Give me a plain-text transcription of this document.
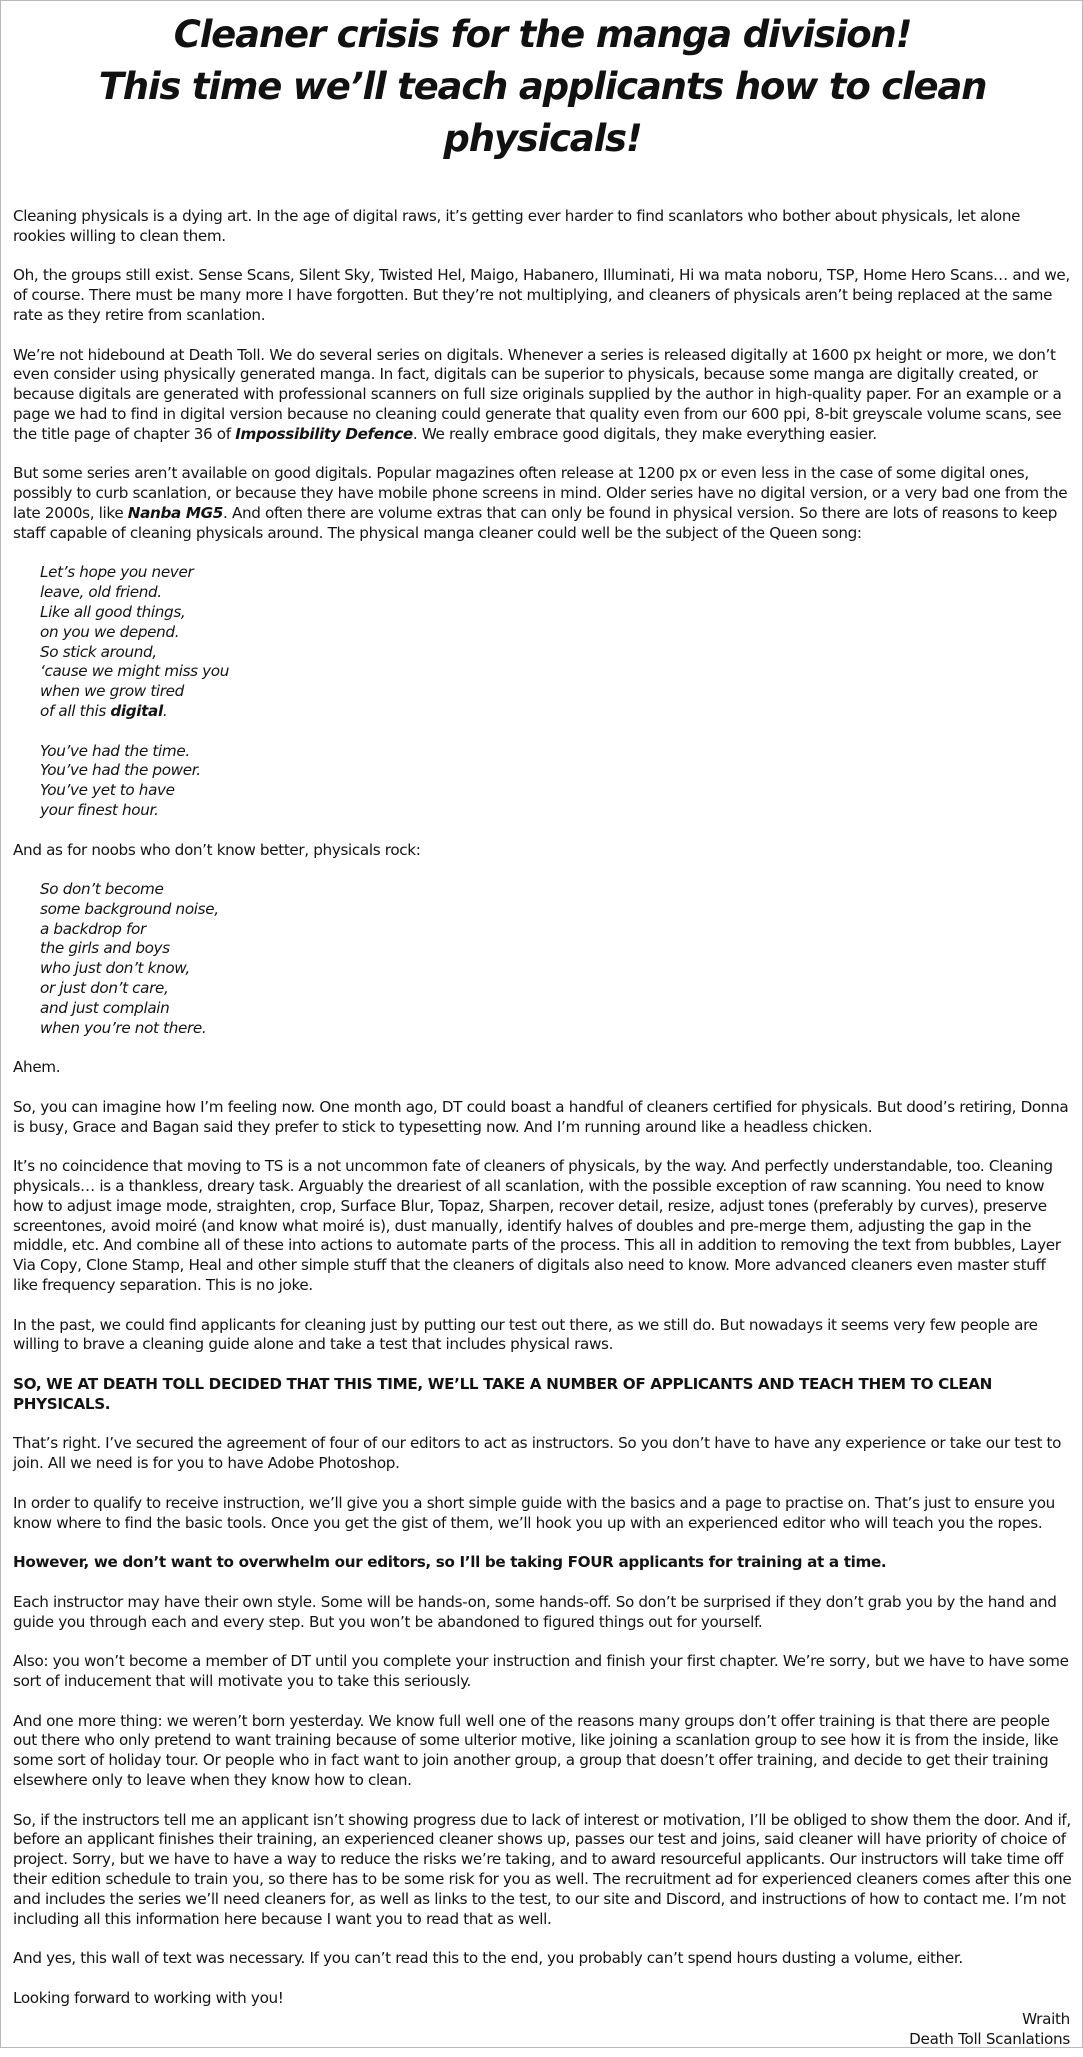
Cleaner crisis for the manga division!
This time we’ll teach applicants how to clean physicals!

Cleaning physicals is a dying art. In the age of digital raws, it’s getting ever harder to find scanlators who bother about physicals, let alone rookies willing to clean them.

Oh, the groups still exist. Sense Scans, Silent Sky, Twisted Hel, Maigo, Habanero, Illuminati, Hi wa mata noboru, TSP, Home Hero Scans… and we, of course. There must be many more I have forgotten. But they’re not multiplying, and cleaners of physicals aren’t being replaced at the same rate as they retire from scanlation.

We’re not hidebound at Death Toll. We do several series on digitals. Whenever a series is released digitally at 1600 px height or more, we don’t even consider using physically generated manga. In fact, digitals can be superior to physicals, because some manga are digitally created, or because digitals are generated with professional scanners on full size originals supplied by the author in high-quality paper. For an example or a page we had to find in digital version because no cleaning could generate that quality even from our 600 ppi, 8-bit greyscale volume scans, see the title page of chapter 36 of Impossibility Defence. We really embrace good digitals, they make everything easier.

But some series aren’t available on good digitals. Popular magazines often release at 1200 px or even less in the case of some digital ones, possibly to curb scanlation, or because they have mobile phone screens in mind. Older series have no digital version, or a very bad one from the late 2000s, like Nanba MG5. And often there are volume extras that can only be found in physical version. So there are lots of reasons to keep staff capable of cleaning physicals around. The physical manga cleaner could well be the subject of the Queen song:

Let’s hope you never
leave, old friend.
Like all good things,
on you we depend.
So stick around,
‘cause we might miss you
when we grow tired
of all this digital.
You’ve had the time.
You’ve had the power.
You’ve yet to have
your finest hour.

And as for noobs who don’t know better, physicals rock:

So don’t become
some background noise,
a backdrop for
the girls and boys
who just don’t know,
or just don’t care,
and just complain
when you’re not there.

Ahem.

So, you can imagine how I’m feeling now. One month ago, DT could boast a handful of cleaners certified for physicals. But dood’s retiring, Donna is busy, Grace and Bagan said they prefer to stick to typesetting now. And I’m running around like a headless chicken.

It’s no coincidence that moving to TS is a not uncommon fate of cleaners of physicals, by the way. And perfectly understandable, too. Cleaning physicals… is a thankless, dreary task. Arguably the dreariest of all scanlation, with the possible exception of raw scanning. You need to know how to adjust image mode, straighten, crop, Surface Blur, Topaz, Sharpen, recover detail, resize, adjust tones (preferably by curves), preserve screentones, avoid moiré (and know what moiré is), dust manually, identify halves of doubles and pre-merge them, adjusting the gap in the middle, etc. And combine all of these into actions to automate parts of the process. This all in addition to removing the text from bubbles, Layer Via Copy, Clone Stamp, Heal and other simple stuff that the cleaners of digitals also need to know. More advanced cleaners even master stuff like frequency separation. This is no joke.

In the past, we could find applicants for cleaning just by putting our test out there, as we still do. But nowadays it seems very few people are willing to brave a cleaning guide alone and take a test that includes physical raws.

SO, WE AT DEATH TOLL DECIDED THAT THIS TIME, WE’LL TAKE A NUMBER OF APPLICANTS AND TEACH THEM TO CLEAN PHYSICALS.

That’s right. I’ve secured the agreement of four of our editors to act as instructors. So you don’t have to have any experience or take our test to join. All we need is for you to have Adobe Photoshop.

In order to qualify to receive instruction, we’ll give you a short simple guide with the basics and a page to practise on. That’s just to ensure you know where to find the basic tools. Once you get the gist of them, we’ll hook you up with an experienced editor who will teach you the ropes.

However, we don’t want to overwhelm our editors, so I’ll be taking FOUR applicants for training at a time.

Each instructor may have their own style. Some will be hands-on, some hands-off. So don’t be surprised if they don’t grab you by the hand and guide you through each and every step. But you won’t be abandoned to figured things out for yourself.

Also: you won’t become a member of DT until you complete your instruction and finish your first chapter. We’re sorry, but we have to have some sort of inducement that will motivate you to take this seriously.

And one more thing: we weren’t born yesterday. We know full well one of the reasons many groups don’t offer training is that there are people out there who only pretend to want training because of some ulterior motive, like joining a scanlation group to see how it is from the inside, like some sort of holiday tour. Or people who in fact want to join another group, a group that doesn’t offer training, and decide to get their training elsewhere only to leave when they know how to clean.

So, if the instructors tell me an applicant isn’t showing progress due to lack of interest or motivation, I’ll be obliged to show them the door. And if, before an applicant finishes their training, an experienced cleaner shows up, passes our test and joins, said cleaner will have priority of choice of project. Sorry, but we have to have a way to reduce the risks we’re taking, and to award resourceful applicants. Our instructors will take time off their edition schedule to train you, so there has to be some risk for you as well. The recruitment ad for experienced cleaners comes after this one and includes the series we’ll need cleaners for, as well as links to the test, to our site and Discord, and instructions of how to contact me. I’m not including all this information here because I want you to read that as well.

And yes, this wall of text was necessary. If you can’t read this to the end, you probably can’t spend hours dusting a volume, either.

Looking forward to working with you!

Wraith
Death Toll Scanlations
